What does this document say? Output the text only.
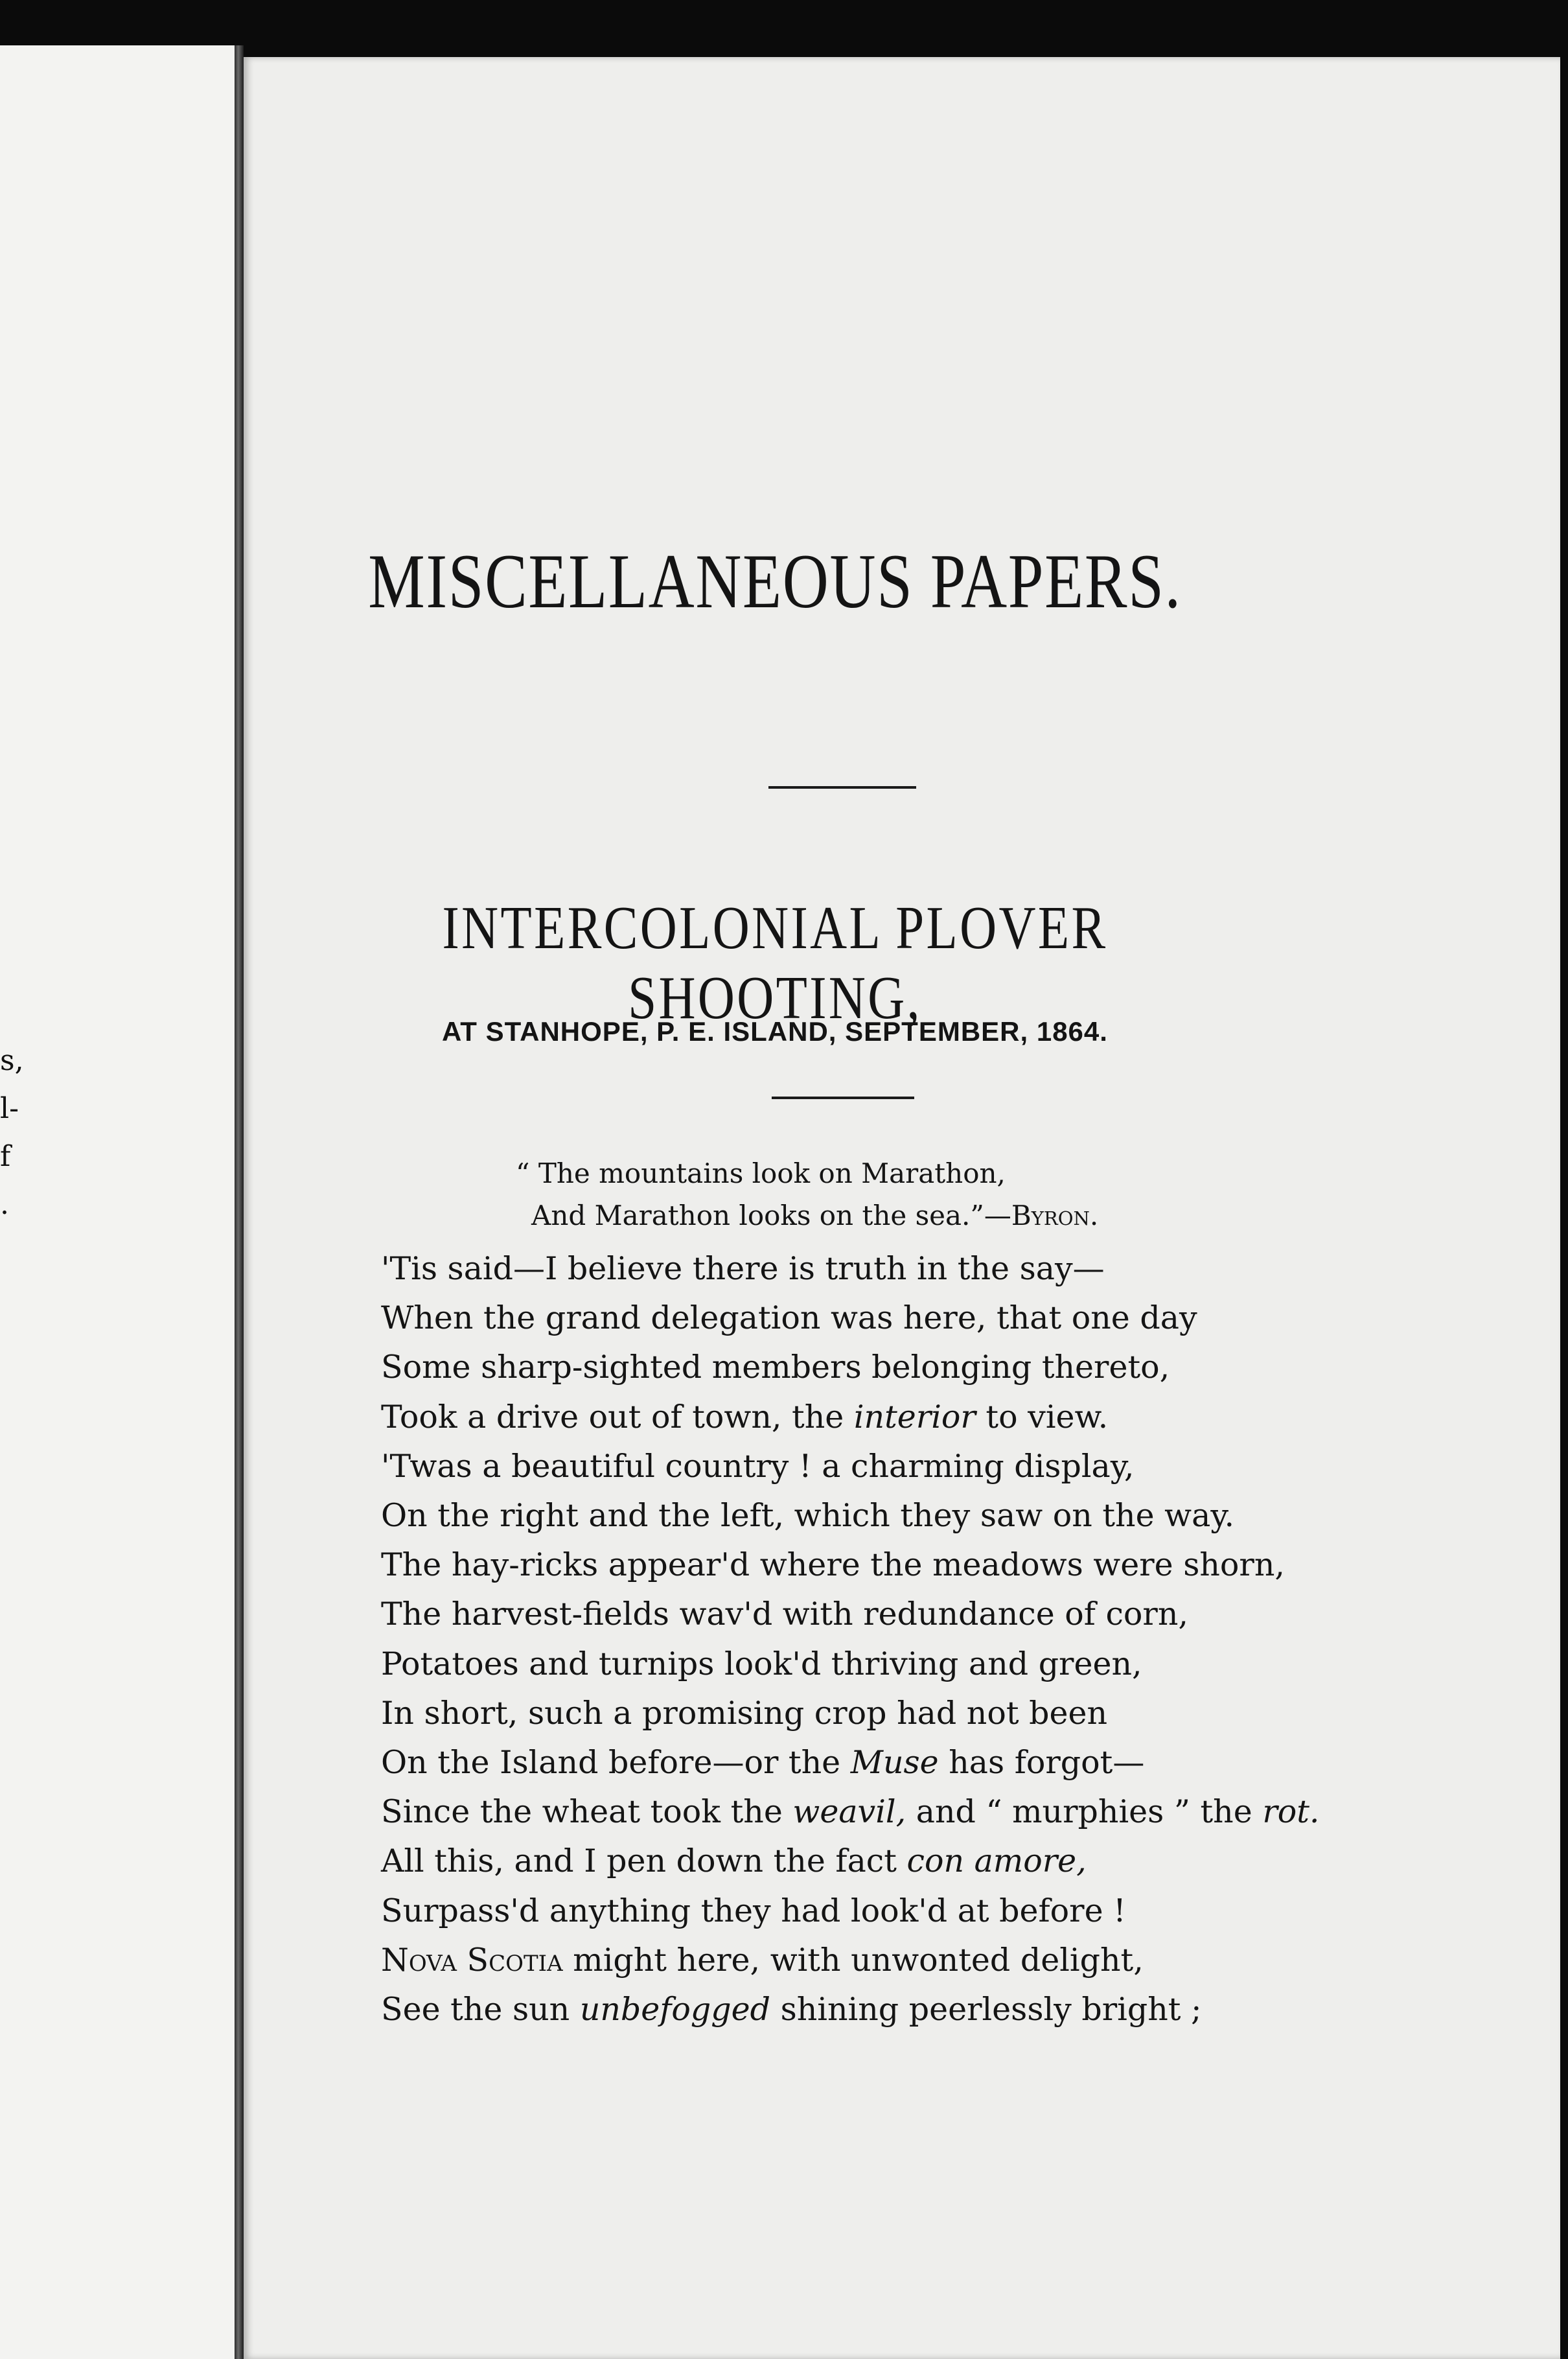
s,
l-
f
.
MISCELLANEOUS PAPERS.
INTERCOLONIAL PLOVER SHOOTING,
AT STANHOPE, P. E. ISLAND, SEPTEMBER, 1864.
“ The mountains look on Marathon,
And Marathon looks on the sea.”—Byron.
'Tis said—I believe there is truth in the say—
When the grand delegation was here, that one day
Some sharp-sighted members belonging thereto,
Took a drive out of town, the interior to view.
'Twas a beautiful country ! a charming display,
On the right and the left, which they saw on the way.
The hay-ricks appear'd where the meadows were shorn,
The harvest-fields wav'd with redundance of corn,
Potatoes and turnips look'd thriving and green,
In short, such a promising crop had not been
On the Island before—or the Muse has forgot—
Since the wheat took the weavil, and “ murphies ” the rot.
All this, and I pen down the fact con amore,
Surpass'd anything they had look'd at before !
Nova Scotia might here, with unwonted delight,
See the sun unbefogged shining peerlessly bright ;
